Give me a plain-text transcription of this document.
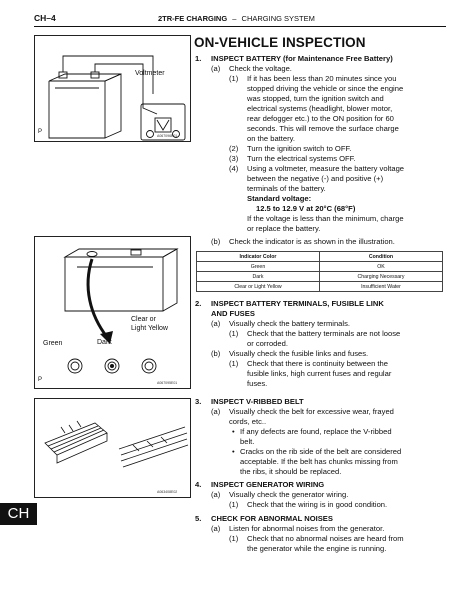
CH–4	2TR-FE CHARGING – CHARGING SYSTEM
ON-VEHICLE INSPECTION
Voltmeter
P
A067096E01
Clear or
Light Yellow
Green	Dark
P	A067095E01
A063408E02
1. INSPECT BATTERY (for Maintenance Free Battery)
(a) Check the voltage.
(1) If it has been less than 20 minutes since you
stopped driving the vehicle or since the engine
was stopped, turn the ignition switch and
electrical systems (headlight, blower motor,
rear defogger etc.) to the ON position for 60
seconds. This will remove the surface charge
on the battery.
(2) Turn the ignition switch to OFF.
(3) Turn the electrical systems OFF.
(4) Using a voltmeter, measure the battery voltage
between the negative (-) and positive (+)
terminals of the battery.
Standard voltage:
12.5 to 12.9 V at 20°C (68°F)
If the voltage is less than the minimum, charge
or replace the battery.
(b) Check the indicator is as shown in the illustration.
Indicator Color	Condition
Green	OK
Dark	Charging Necessary
Clear or Light Yellow	Insufficient Water
2. INSPECT BATTERY TERMINALS, FUSIBLE LINK
AND FUSES
(a) Visually check the battery terminals.
(1) Check that the battery terminals are not loose
or corroded.
(b) Visually check the fusible links and fuses.
(1) Check that there is continuity between the
fusible links, high current fuses and regular
fuses.
3. INSPECT V-RIBBED BELT
(a) Visually check the belt for excessive wear, frayed
cords, etc..
• If any defects are found, replace the V-ribbed
belt.
• Cracks on the rib side of the belt are considered
acceptable. If the belt has chunks missing from
the ribs, it should be replaced.
4. INSPECT GENERATOR WIRING
(a) Visually check the generator wiring.
(1) Check that the wiring is in good condition.
5. CHECK FOR ABNORMAL NOISES
(a) Listen for abnormal noises from the generator.
(1) Check that no abnormal noises are heard from
the generator while the engine is running.
CH
